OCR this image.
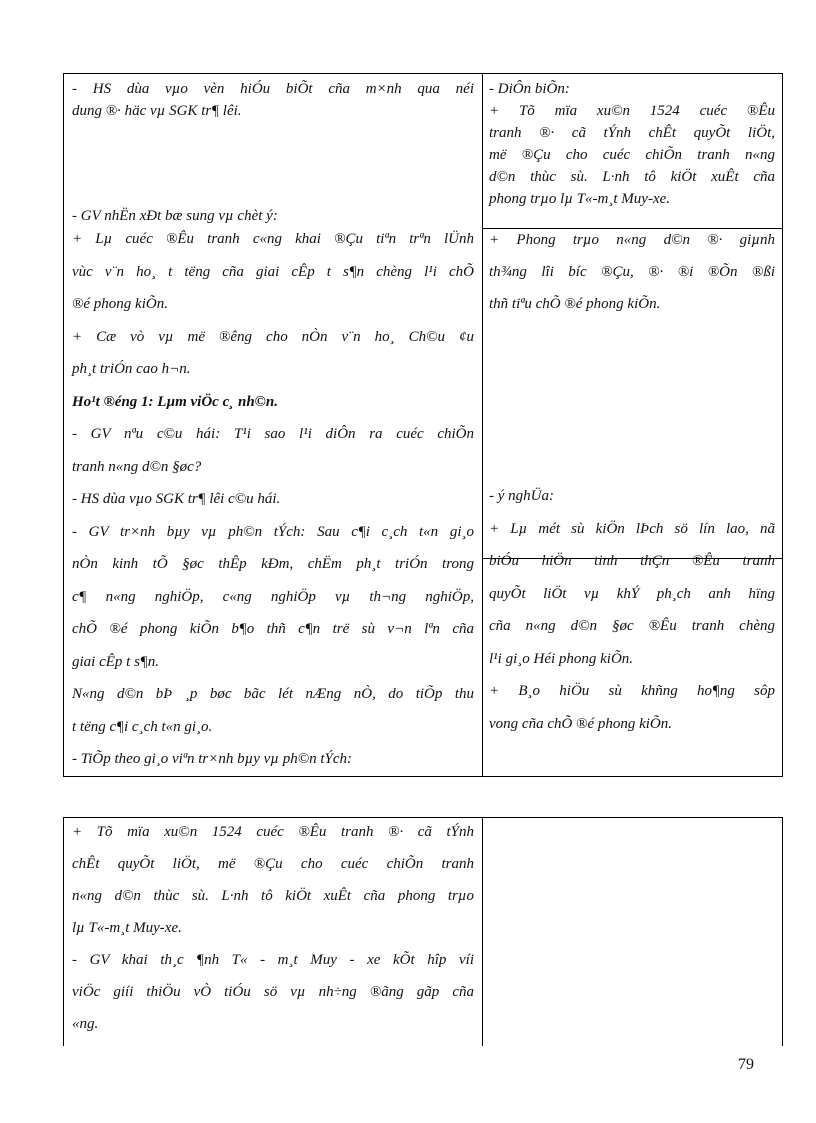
- HS dùa vµo vèn hiÓu biÕt cña m×nh qua néi
dung ®· häc vµ SGK tr¶ lêi.
- GV nhËn xÐt bæ sung vµ chèt ý:
+ Lµ cuéc ®Êu tranh c«ng khai ®Çu tiªn trªn lÜnh
vùc v¨n ho¸ t tëng cña giai cÊp t s¶n chèng l¹i chÕ
®é phong kiÕn.
+ Cæ vò vµ më ®êng cho nÒn v¨n ho¸ Ch©u ¢u
ph¸t triÓn cao h¬n.
Ho¹t ®éng 1: Lµm viÖc c¸ nh©n.
- GV nªu c©u hái: T¹i sao l¹i diÔn ra cuéc chiÕn
tranh n«ng d©n §øc?
- HS dùa vµo SGK tr¶ lêi c©u hái.
- GV tr×nh bµy vµ ph©n tÝch: Sau c¶i c¸ch t«n gi¸o
nÒn kinh tÕ §øc thÊp kÐm, chËm ph¸t triÓn trong
c¶ n«ng nghiÖp, c«ng nghiÖp vµ th¬ng nghiÖp,
chÕ ®é phong kiÕn b¶o thñ c¶n trë sù v¬n lªn cña
giai cÊp t s¶n.
N«ng d©n bÞ ¸p bøc bãc lét nÆng nÒ, do tiÕp thu
t tëng c¶i c¸ch t«n gi¸o.
- TiÕp theo gi¸o viªn tr×nh bµy vµ ph©n tÝch:
- DiÔn biÕn:
+ Tõ mïa xu©n 1524 cuéc ®Êu
tranh ®· cã tÝnh chÊt quyÕt liÖt,
më ®Çu cho cuéc chiÕn tranh n«ng
d©n thùc sù. L·nh tô kiÖt xuÊt cña
phong trµo lµ T«-m¸t Muy-xe.
+ Phong trµo n«ng d©n ®· giµnh
th¾ng lîi bíc ®Çu, ®· ®i ®Õn ®ßi
thñ tiªu chÕ ®é phong kiÕn.
- ý nghÜa:
+ Lµ mét sù kiÖn lÞch sö lín lao, nã
biÓu hiÖn tinh thÇn ®Êu tranh
quyÕt liÖt vµ khÝ ph¸ch anh hïng
cña n«ng d©n §øc ®Êu tranh chèng
l¹i gi¸o Héi phong kiÕn.
+ B¸o hiÖu sù khñng ho¶ng sôp
vong cña chÕ ®é phong kiÕn.
+ Tõ mïa xu©n 1524 cuéc ®Êu tranh ®· cã tÝnh
chÊt quyÕt liÖt, më ®Çu cho cuéc chiÕn tranh
n«ng d©n thùc sù. L·nh tô kiÖt xuÊt cña phong trµo
lµ T«-m¸t Muy-xe.
- GV khai th¸c ¶nh T« - m¸t Muy - xe kÕt hîp víi
viÖc giíi thiÖu vÒ tiÓu sö vµ nh÷ng ®ãng gãp cña
«ng.
79
